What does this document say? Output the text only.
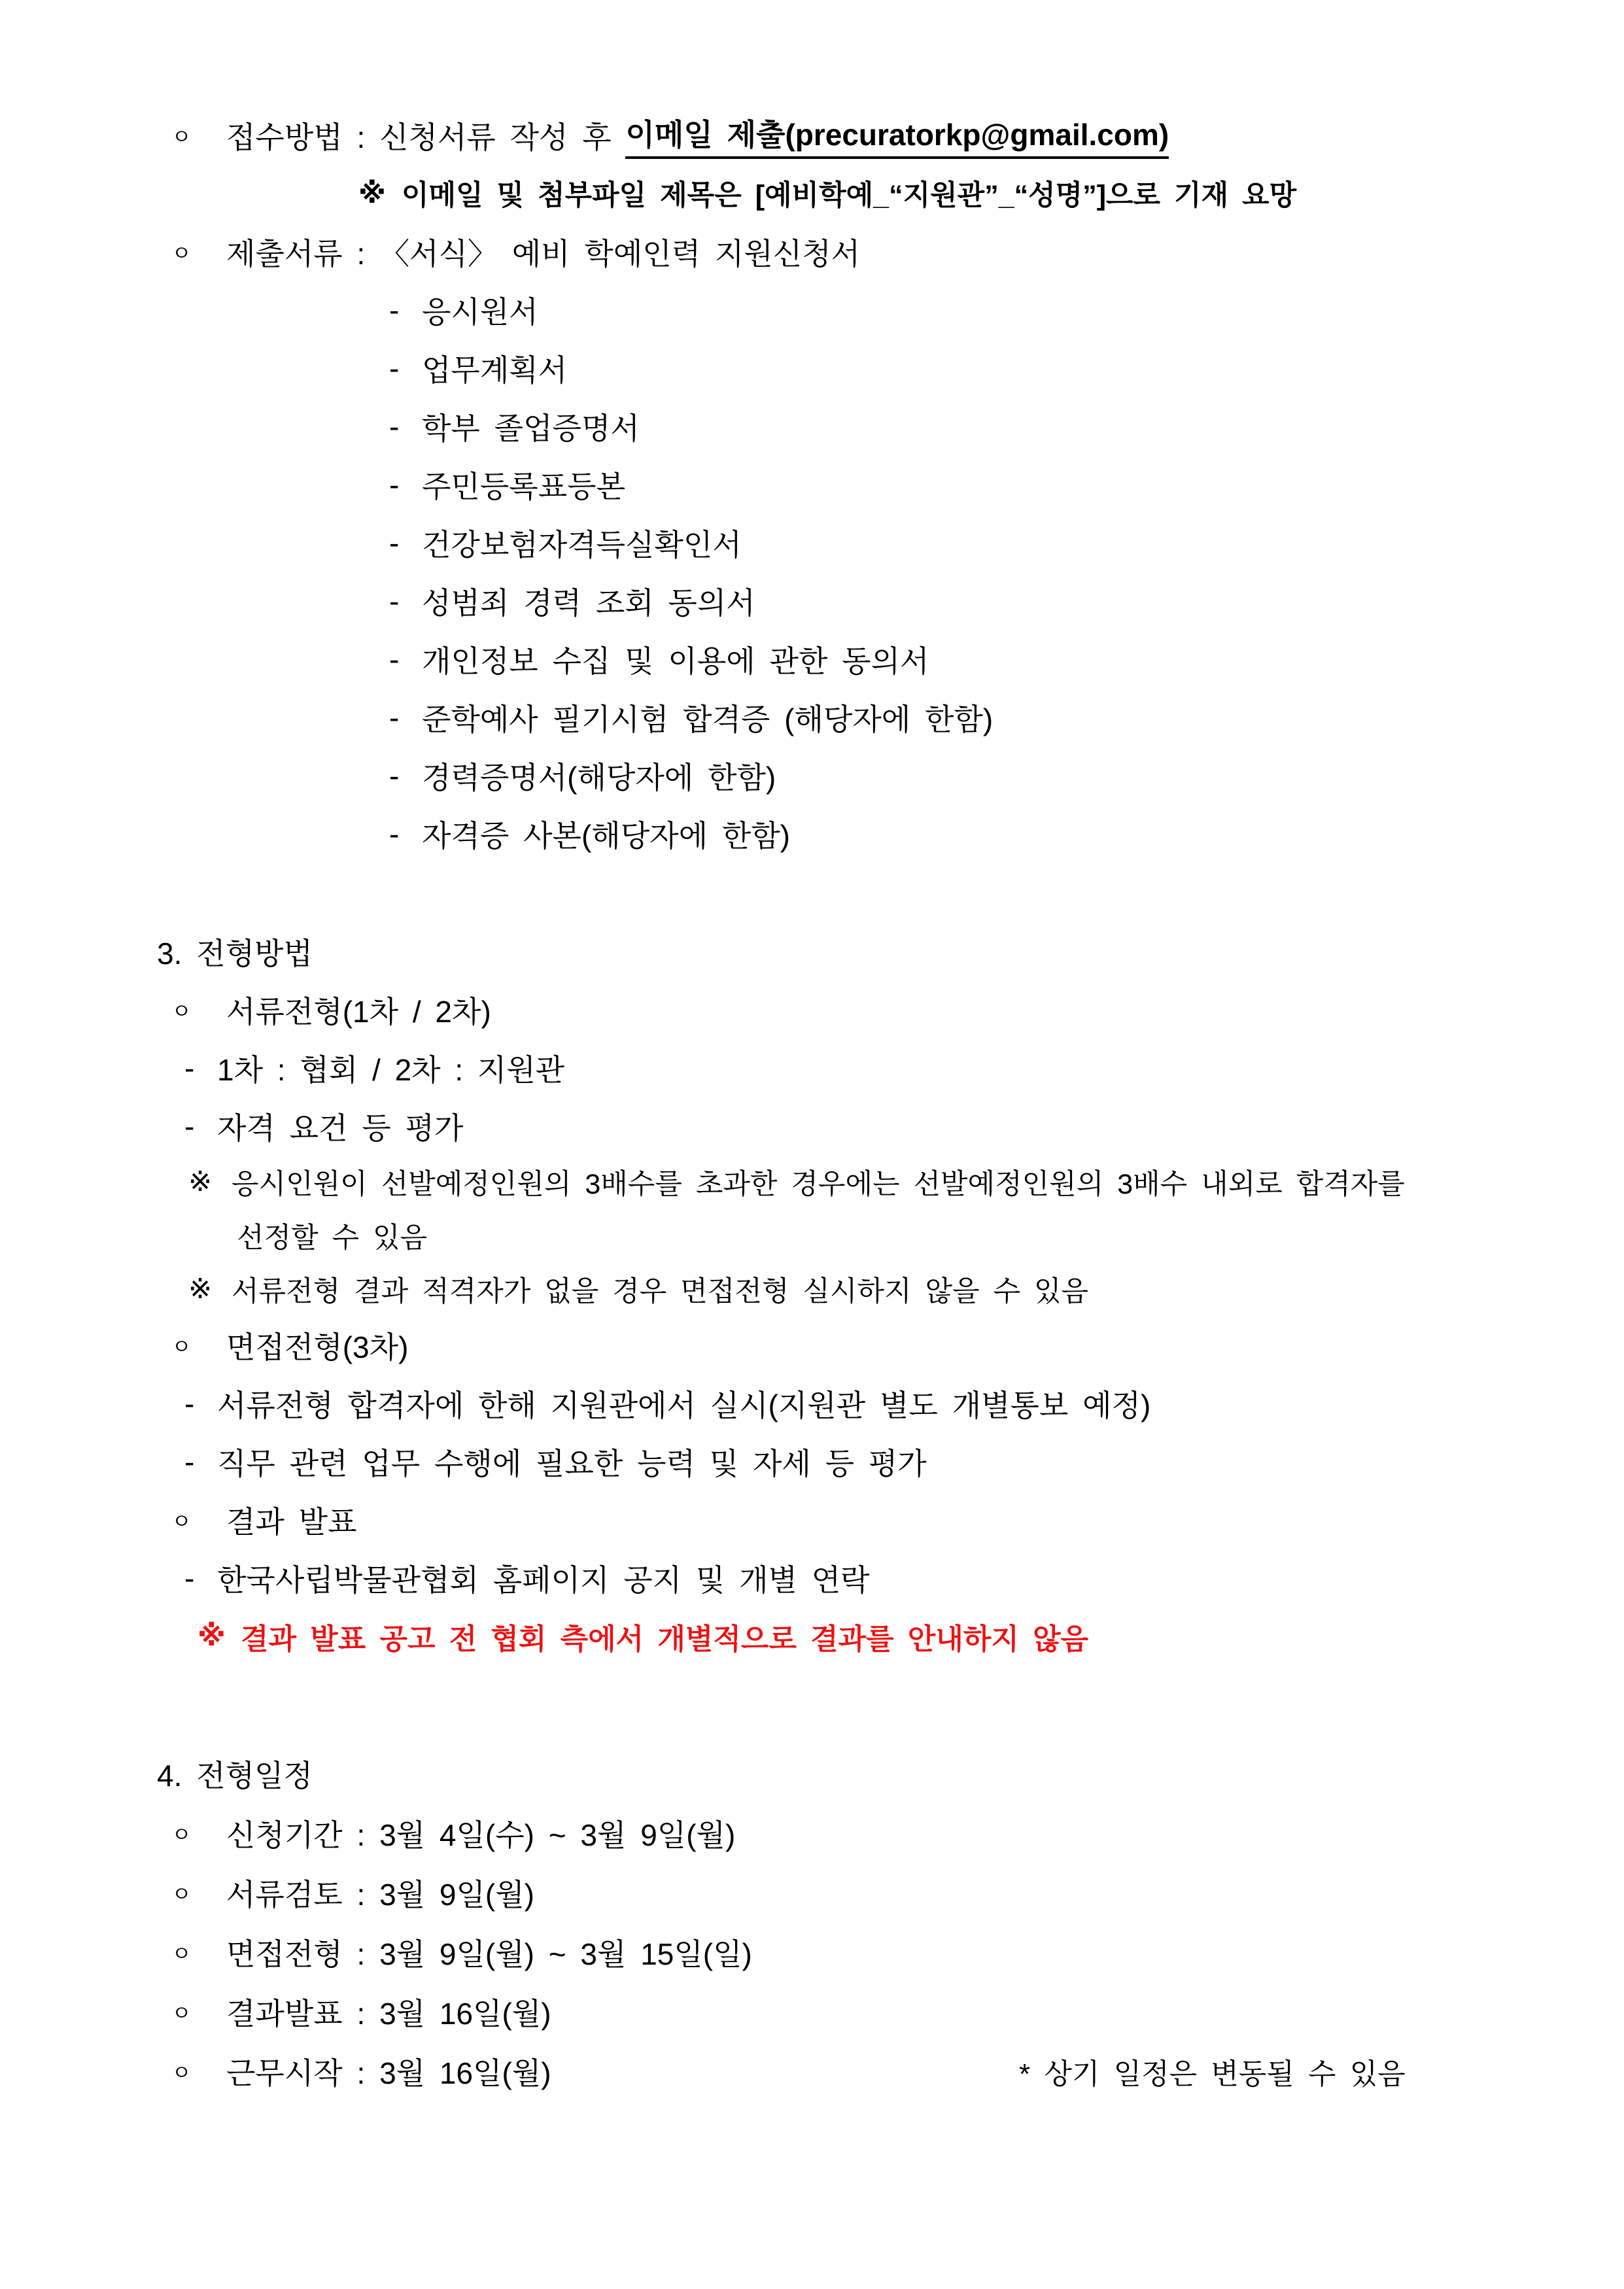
ㅇ	접수방법 : 신청서류 작성 후 이메일 제출(precuratorkp@gmail.com)
※ 이메일 및 첨부파일 제목은 [예비학예_“지원관”_“성명”]으로 기재 요망
ㅇ	제출서류 : 〈서식〉 예비 학예인력 지원신청서
- 응시원서
- 업무계획서
- 학부 졸업증명서
- 주민등록표등본
- 건강보험자격득실확인서
- 성범죄 경력 조회 동의서
- 개인정보 수집 및 이용에 관한 동의서
- 준학예사 필기시험 합격증 (해당자에 한함)
- 경력증명서(해당자에 한함)
- 자격증 사본(해당자에 한함)
3. 전형방법
ㅇ	서류전형(1차 / 2차)
- 1차 : 협회 / 2차 : 지원관
- 자격 요건 등 평가
※ 응시인원이 선발예정인원의 3배수를 초과한 경우에는 선발예정인원의 3배수 내외로 합격자를
선정할 수 있음
※ 서류전형 결과 적격자가 없을 경우 면접전형 실시하지 않을 수 있음
ㅇ	면접전형(3차)
- 서류전형 합격자에 한해 지원관에서 실시(지원관 별도 개별통보 예정)
- 직무 관련 업무 수행에 필요한 능력 및 자세 등 평가
ㅇ	결과 발표
- 한국사립박물관협회 홈페이지 공지 및 개별 연락
※ 결과 발표 공고 전 협회 측에서 개별적으로 결과를 안내하지 않음
4. 전형일정
ㅇ	신청기간 : 3월 4일(수) ~ 3월 9일(월)
ㅇ	서류검토 : 3월 9일(월)
ㅇ	면접전형 : 3월 9일(월) ~ 3월 15일(일)
ㅇ	결과발표 : 3월 16일(월)
ㅇ	근무시작 : 3월 16일(월)	* 상기 일정은 변동될 수 있음
